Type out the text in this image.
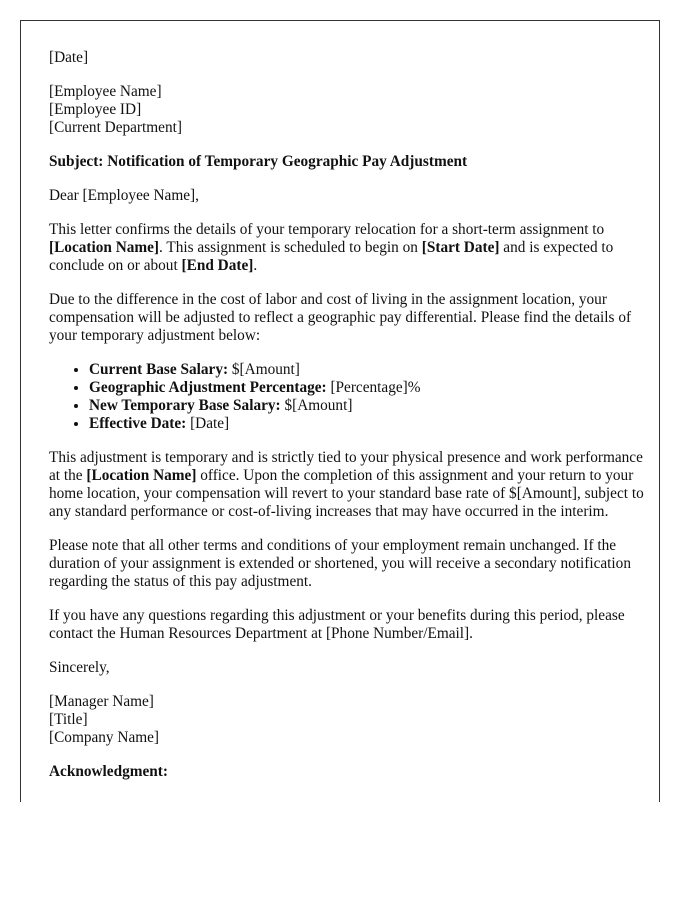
[Date]

[Employee Name]
[Employee ID]
[Current Department]

Subject: Notification of Temporary Geographic Pay Adjustment

Dear [Employee Name],

This letter confirms the details of your temporary relocation for a short-term assignment to [Location Name]. This assignment is scheduled to begin on [Start Date] and is expected to conclude on or about [End Date].

Due to the difference in the cost of labor and cost of living in the assignment location, your compensation will be adjusted to reflect a geographic pay differential. Please find the details of your temporary adjustment below:

• Current Base Salary: $[Amount]
• Geographic Adjustment Percentage: [Percentage]%
• New Temporary Base Salary: $[Amount]
• Effective Date: [Date]

This adjustment is temporary and is strictly tied to your physical presence and work performance at the [Location Name] office. Upon the completion of this assignment and your return to your home location, your compensation will revert to your standard base rate of $[Amount], subject to any standard performance or cost-of-living increases that may have occurred in the interim.

Please note that all other terms and conditions of your employment remain unchanged. If the duration of your assignment is extended or shortened, you will receive a secondary notification regarding the status of this pay adjustment.

If you have any questions regarding this adjustment or your benefits during this period, please contact the Human Resources Department at [Phone Number/Email].

Sincerely,

[Manager Name]
[Title]
[Company Name]

Acknowledgment:
